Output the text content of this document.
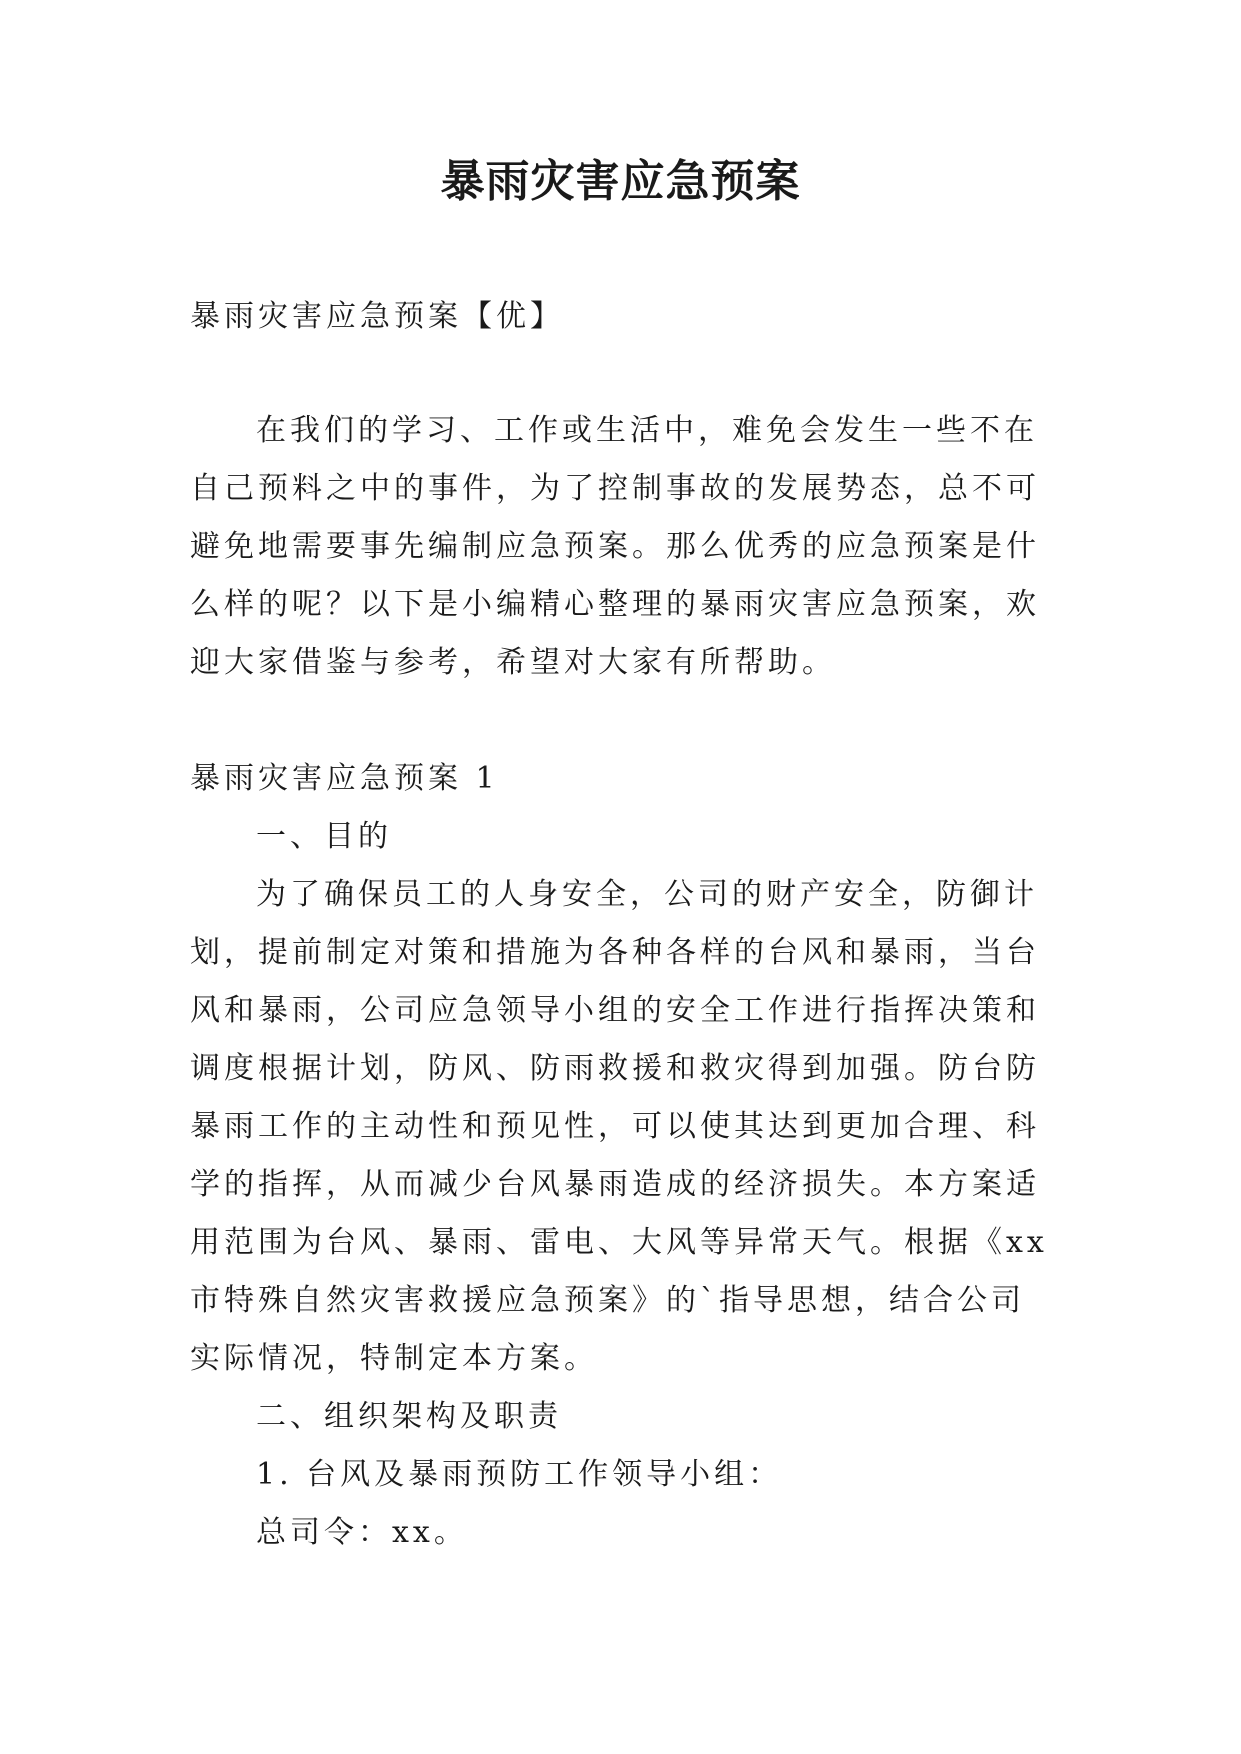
暴雨灾害应急预案
暴雨灾害应急预案【优】

在我们的学习、工作或生活中，难免会发生一些不在自己预料之中的事件，为了控制事故的发展势态，总不可避免地需要事先编制应急预案。那么优秀的应急预案是什么样的呢？以下是小编精心整理的暴雨灾害应急预案，欢迎大家借鉴与参考，希望对大家有所帮助。

暴雨灾害应急预案 1

一、目的

为了确保员工的人身安全，公司的财产安全，防御计划，提前制定对策和措施为各种各样的台风和暴雨，当台风和暴雨，公司应急领导小组的安全工作进行指挥决策和调度根据计划，防风、防雨救援和救灾得到加强。防台防暴雨工作的主动性和预见性，可以使其达到更加合理、科学的指挥，从而减少台风暴雨造成的经济损失。本方案适用范围为台风、暴雨、雷电、大风等异常天气。根据《xx 市特殊自然灾害救援应急预案》的`指导思想，结合公司实际情况，特制定本方案。

二、组织架构及职责

1. 台风及暴雨预防工作领导小组：

总司令：xx。
